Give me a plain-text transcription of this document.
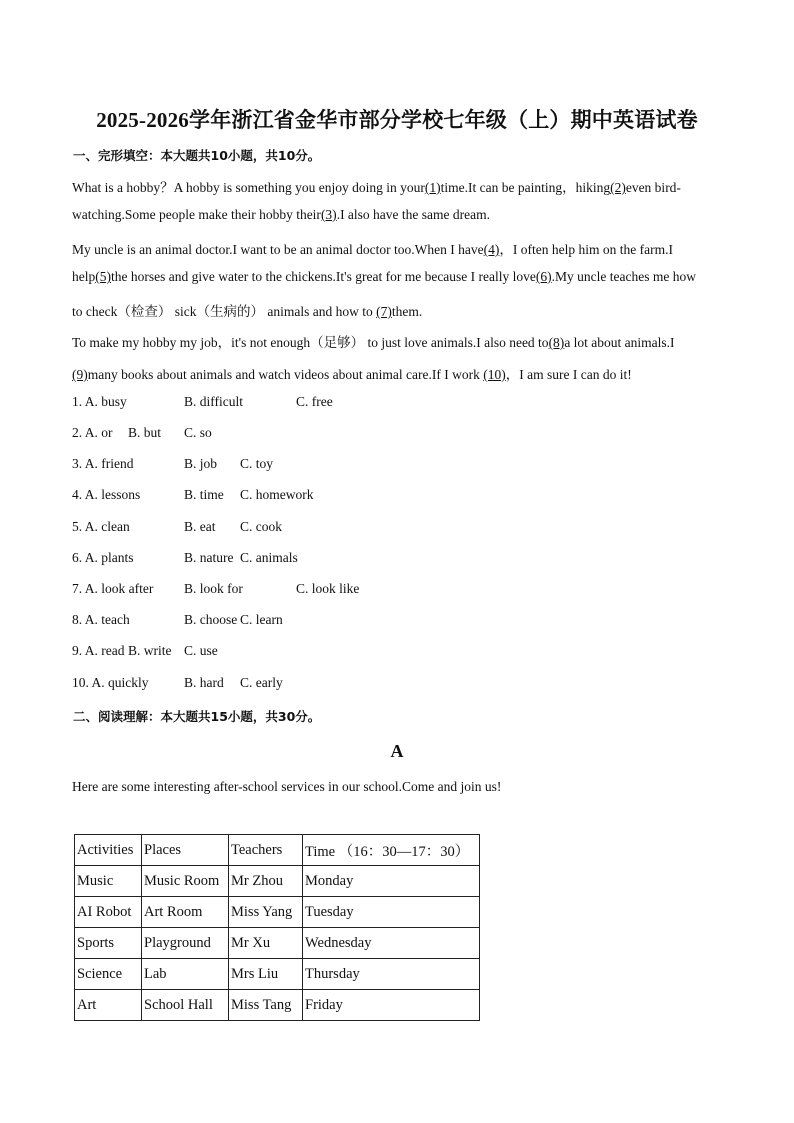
2025-2026学年浙江省金华市部分学校七年级（上）期中英语试卷
一、完形填空：本大题共10小题，共10分。
What is a hobby？A hobby is something you enjoy doing in your(1)time.It can be painting，hiking(2)even bird-
watching.Some people make their hobby their(3).I also have the same dream.
My uncle is an animal doctor.I want to be an animal doctor too.When I have(4)，I often help him on the farm.I
help(5)the horses and give water to the chickens.It's great for me because I really love(6).My uncle teaches me how
to check（检查） sick（生病的） animals and how to (7)them.
To make my hobby my job，it's not enough（足够） to just love animals.I also need to(8)a lot about animals.I
(9)many books about animals and watch videos about animal care.If I work (10)，I am sure I can do it!
1. A. busy	B. difficult	C. free
2. A. or B. but C. so
3. A. friend	B. job C. toy
4. A. lessons	B. time C. homework
5. A. clean	B. eat C. cook
6. A. plants	B. nature C. animals
7. A. look after B. look for	C. look like
8. A. teach	B. choose C. learn
9. A. read B. write C. use
10. A. quickly	B. hard C. early
二、阅读理解：本大题共15小题，共30分。
A
Here are some interesting after-school services in our school.Come and join us!
Activities	Places	Teachers	Time （16：30—17：30）
Music	Music Room	Mr Zhou	Monday
AI Robot	Art Room	Miss Yang	Tuesday
Sports	Playground	Mr Xu	Wednesday
Science	Lab	Mrs Liu	Thursday
Art	School Hall	Miss Tang	Friday
